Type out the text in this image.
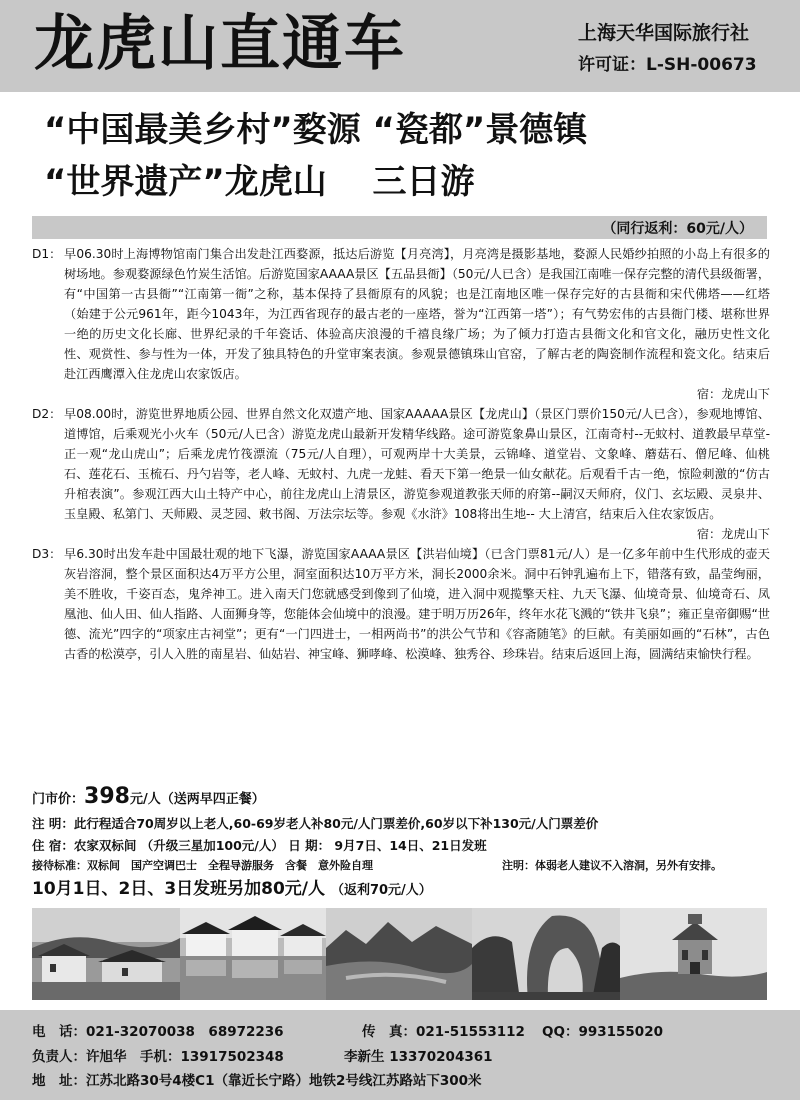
龙虎山直通车	上海天华国际旅行社
许可证：L-SH-00673
“中国最美乡村”婺源 “瓷都”景德镇
“世界遗产”龙虎山　 三日游
（同行返利：60元/人）
D1： 早06.30时上海博物馆南门集合出发赴江西婺源，抵达后游览【月亮湾】，月亮湾是摄影基地，婺源人民婚纱拍照的小岛上有很多的树场地。参观婺源绿色竹炭生活馆。后游览国家AAAA景区【五品县衙】（50元/人已含）是我国江南唯一保存完整的清代县级衙署，有“中国第一古县衙”“江南第一衙”之称，基本保持了县衙原有的风貌；也是江南地区唯一保存完好的古县衙和宋代佛塔——红塔（始建于公元961年，距今1043年，为江西省现存的最古老的一座塔，誉为“江西第一塔”）；有气势宏伟的古县衙门楼、堪称世界一绝的历史文化长廊、世界纪录的千年瓷话、体验高庆浪漫的千禧良缘广场；为了倾力打造古县衙文化和官文化，融历史性文化性、观赏性、参与性为一体，开发了独具特色的升堂审案表演。参观景德镇珠山官窑，了解古老的陶瓷制作流程和瓷文化。结束后赴江西鹰潭入住龙虎山农家饭店。
宿：龙虎山下
D2： 早08.00时，游览世界地质公园、世界自然文化双遗产地、国家AAAAA景区【龙虎山】（景区门票价150元/人已含），参观地博馆、道博馆，后乘观光小火车（50元/人已含）游览龙虎山最新开发精华线路。途可游览象鼻山景区，江南奇村--无蚊村、道教最早草堂-正一观“龙山虎山”；后乘龙虎竹筏漂流（75元/人自理），可观两岸十大美景，云锦峰、道堂岩、文象峰、蘑菇石、僧尼峰、仙桃石、莲花石、玉梳石、丹勺岩等，老人峰、无蚊村、九虎一龙蛙、看天下第一绝景一仙女献花。后观看千古一绝，惊险刺激的“仿古升棺表演”。参观江西大山土特产中心，前往龙虎山上清景区，游览参观道教张天师的府第--嗣汉天师府，仪门、玄坛殿、灵泉井、玉皇殿、私第门、天师殿、灵芝园、敕书阁、万法宗坛等。参观《水浒》108将出生地-- 大上清宫，结束后入住农家饭店。
宿：龙虎山下
D3： 早6.30时出发车赴中国最壮观的地下飞瀑，游览国家AAAA景区【洪岩仙境】（已含门票81元/人）是一亿多年前中生代形成的壶天灰岩溶洞，整个景区面积达4万平方公里，洞室面积达10万平方米，洞长2000余米。洞中石钟乳遍布上下，错落有致，晶莹绚丽，美不胜收，千姿百态，鬼斧神工。进入南天门您就感受到像到了仙境，进入洞中观揽擎天柱、九天飞瀑、仙境奇景、仙境奇石、凤凰池、仙人田、仙人指路、人面狮身等，您能体会仙境中的浪漫。建于明万历26年，终年水花飞溅的“铁井飞泉”；雍正皇帝御赐“世德、流光”四字的“项家庄古祠堂”；更有“一门四进士，一相两尚书”的洪公气节和《容斋随笔》的巨献。有美丽如画的“石林”，古色古香的松漠亭，引人入胜的南星岩、仙姑岩、神宝峰、狮哮峰、松漠峰、独秀谷、珍珠岩。结束后返回上海，圆满结束愉快行程。
门市价：398元/人（送两早四正餐）
注 明：此行程适合70周岁以上老人,60-69岁老人补80元/人门票差价,60岁以下补130元/人门票差价
住 宿：农家双标间 （升级三星加100元/人） 日 期： 9月7日、14日、21日发班
接待标准：双标间　国产空调巴士　全程导游服务　含餐　意外险自理	注明：体弱老人建议不入溶洞，另外有安排。
10月1日、2日、3日发班另加80元/人 （返利70元/人）
电　话：021-32070038　68972236	传　真：021-51553112 QQ：993155020
负责人：许旭华　手机：13917502348	李新生 13370204361
地　址：江苏北路30号4楼C1（靠近长宁路）地铁2号线江苏路站下300米
